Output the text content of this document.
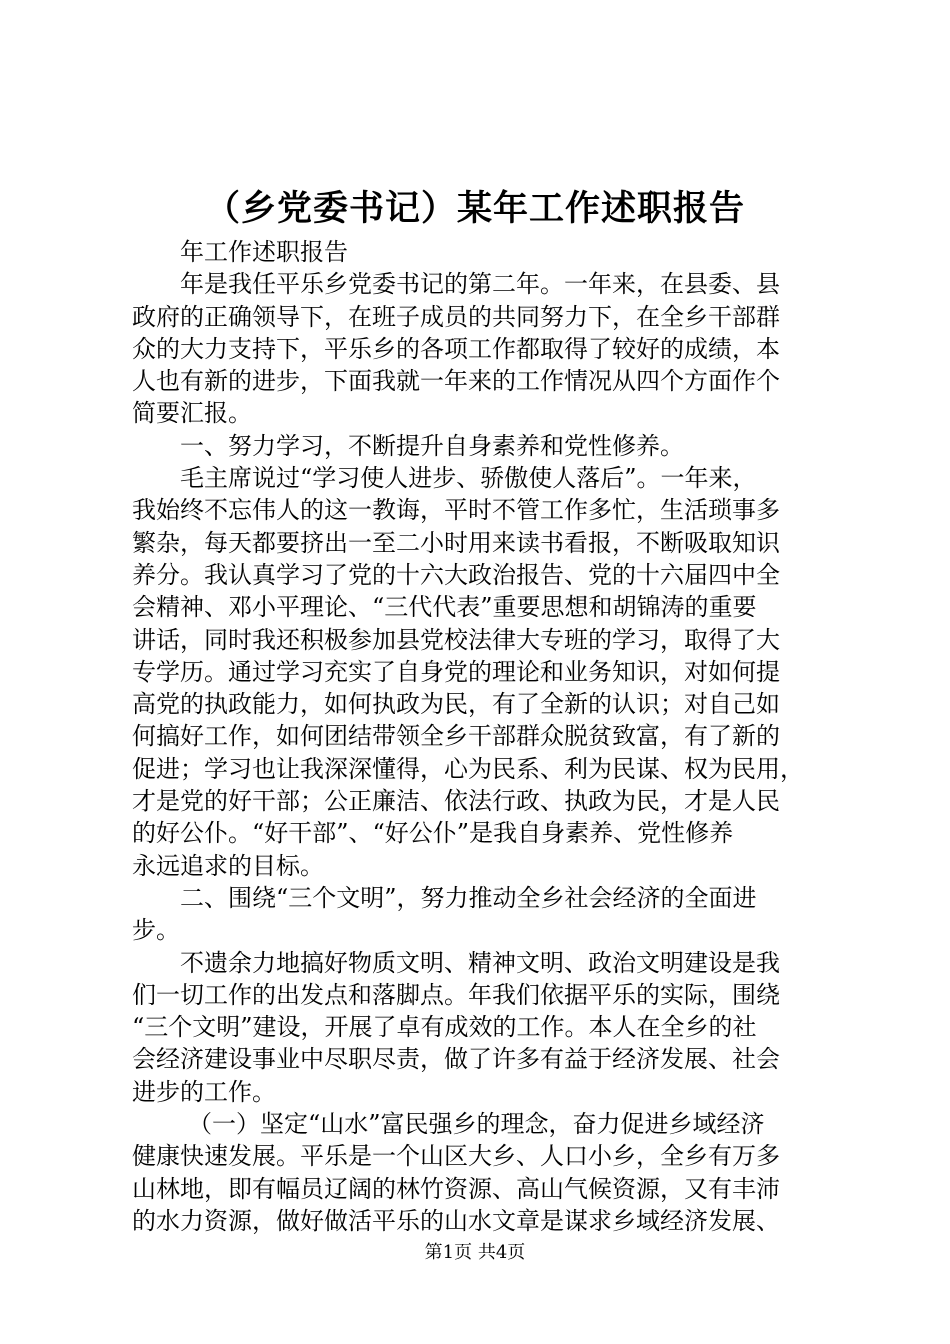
（乡党委书记）某年工作述职报告
年工作述职报告
年是我任平乐乡党委书记的第二年。一年来，在县委、县
政府的正确领导下，在班子成员的共同努力下，在全乡干部群
众的大力支持下，平乐乡的各项工作都取得了较好的成绩，本
人也有新的进步，下面我就一年来的工作情况从四个方面作个
简要汇报。
一、努力学习，不断提升自身素养和党性修养。
毛主席说过“学习使人进步、骄傲使人落后”。一年来，
我始终不忘伟人的这一教诲，平时不管工作多忙，生活琐事多
繁杂，每天都要挤出一至二小时用来读书看报，不断吸取知识
养分。我认真学习了党的十六大政治报告、党的十六届四中全
会精神、邓小平理论、“三代代表”重要思想和胡锦涛的重要
讲话，同时我还积极参加县党校法律大专班的学习，取得了大
专学历。通过学习充实了自身党的理论和业务知识，对如何提
高党的执政能力，如何执政为民，有了全新的认识；对自己如
何搞好工作，如何团结带领全乡干部群众脱贫致富，有了新的
促进；学习也让我深深懂得，心为民系、利为民谋、权为民用，
才是党的好干部；公正廉洁、依法行政、执政为民，才是人民
的好公仆。“好干部”、“好公仆”是我自身素养、党性修养
永远追求的目标。
二、围绕“三个文明”，努力推动全乡社会经济的全面进
步。
不遗余力地搞好物质文明、精神文明、政治文明建设是我
们一切工作的出发点和落脚点。年我们依据平乐的实际，围绕
“三个文明”建设，开展了卓有成效的工作。本人在全乡的社
会经济建设事业中尽职尽责，做了许多有益于经济发展、社会
进步的工作。
（一）坚定“山水”富民强乡的理念，奋力促进乡域经济
健康快速发展。平乐是一个山区大乡、人口小乡，全乡有万多
山林地，即有幅员辽阔的林竹资源、高山气候资源，又有丰沛
的水力资源，做好做活平乐的山水文章是谋求乡域经济发展、
第1页 共4页
